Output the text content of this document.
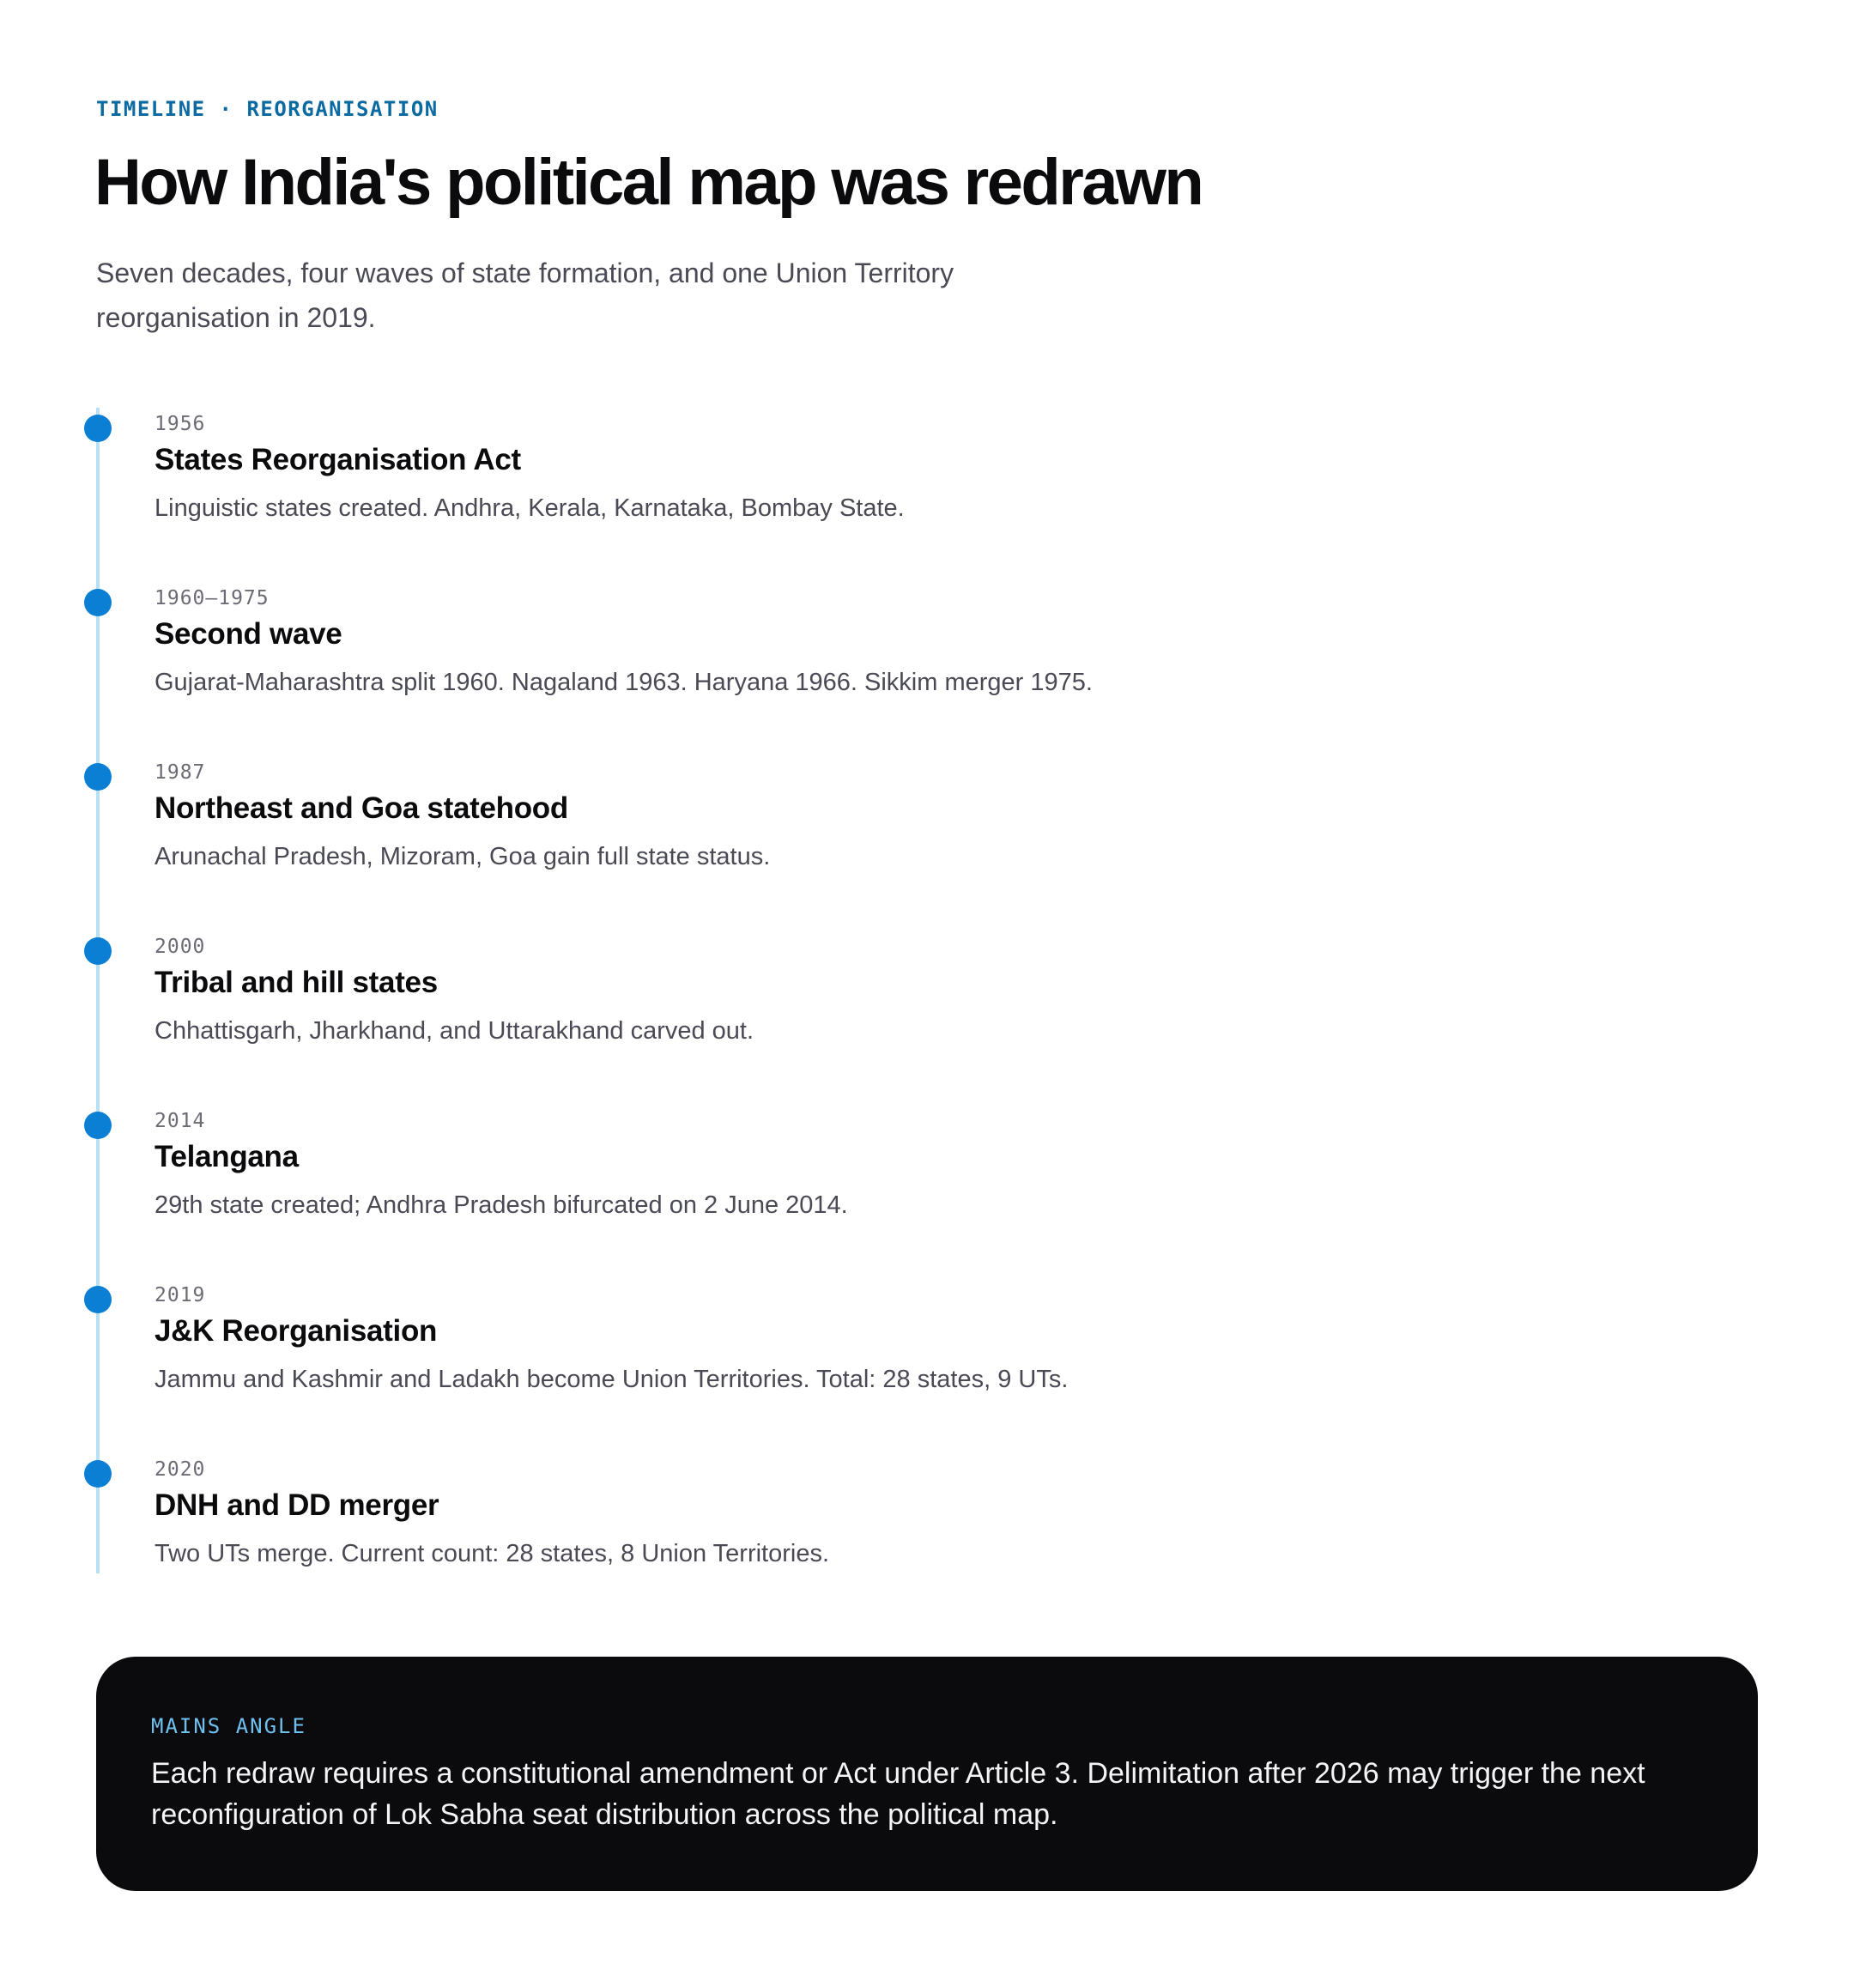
TIMELINE · REORGANISATION
How India's political map was redrawn

Seven decades, four waves of state formation, and one Union Territory reorganisation in 2019.

1956
States Reorganisation Act
Linguistic states created. Andhra, Kerala, Karnataka, Bombay State.
1960–1975
Second wave
Gujarat-Maharashtra split 1960. Nagaland 1963. Haryana 1966. Sikkim merger 1975.
1987
Northeast and Goa statehood
Arunachal Pradesh, Mizoram, Goa gain full state status.
2000
Tribal and hill states
Chhattisgarh, Jharkhand, and Uttarakhand carved out.
2014
Telangana
29th state created; Andhra Pradesh bifurcated on 2 June 2014.
2019
J&K Reorganisation
Jammu and Kashmir and Ladakh become Union Territories. Total: 28 states, 9 UTs.
2020
DNH and DD merger
Two UTs merge. Current count: 28 states, 8 Union Territories.
MAINS ANGLE

Each redraw requires a constitutional amendment or Act under Article 3. Delimitation after 2026 may trigger the next reconfiguration of Lok Sabha seat distribution across the political map.
